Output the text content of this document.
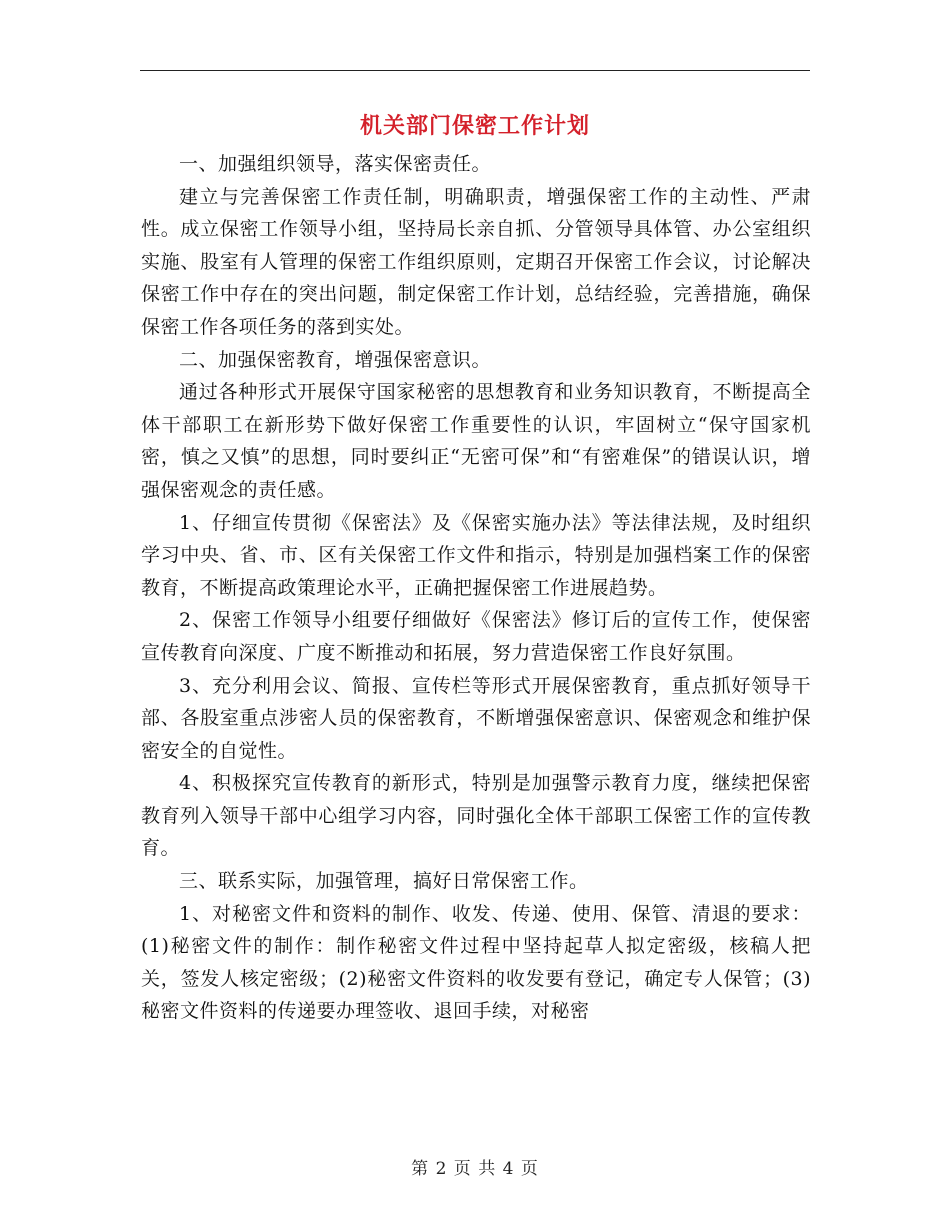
机关部门保密工作计划

一、加强组织领导，落实保密责任。

建立与完善保密工作责任制，明确职责，增强保密工作的主动性、严肃性。成立保密工作领导小组，坚持局长亲自抓、分管领导具体管、办公室组织实施、股室有人管理的保密工作组织原则，定期召开保密工作会议，讨论解决保密工作中存在的突出问题，制定保密工作计划，总结经验，完善措施，确保保密工作各项任务的落到实处。

二、加强保密教育，增强保密意识。

通过各种形式开展保守国家秘密的思想教育和业务知识教育，不断提高全体干部职工在新形势下做好保密工作重要性的认识，牢固树立“保守国家机密，慎之又慎”的思想，同时要纠正“无密可保”和“有密难保”的错误认识，增强保密观念的责任感。

1、仔细宣传贯彻《保密法》及《保密实施办法》等法律法规，及时组织学习中央、省、市、区有关保密工作文件和指示，特别是加强档案工作的保密教育，不断提高政策理论水平，正确把握保密工作进展趋势。

2、保密工作领导小组要仔细做好《保密法》修订后的宣传工作，使保密宣传教育向深度、广度不断推动和拓展，努力营造保密工作良好氛围。

3、充分利用会议、简报、宣传栏等形式开展保密教育，重点抓好领导干部、各股室重点涉密人员的保密教育，不断增强保密意识、保密观念和维护保密安全的自觉性。

4、积极探究宣传教育的新形式，特别是加强警示教育力度，继续把保密教育列入领导干部中心组学习内容，同时强化全体干部职工保密工作的宣传教育。

三、联系实际，加强管理，搞好日常保密工作。

1、对秘密文件和资料的制作、收发、传递、使用、保管、清退的要求：(1)秘密文件的制作：制作秘密文件过程中坚持起草人拟定密级，核稿人把关，签发人核定密级；(2)秘密文件资料的收发要有登记，确定专人保管；(3)秘密文件资料的传递要办理签收、退回手续，对秘密

第 2 页 共 4 页
